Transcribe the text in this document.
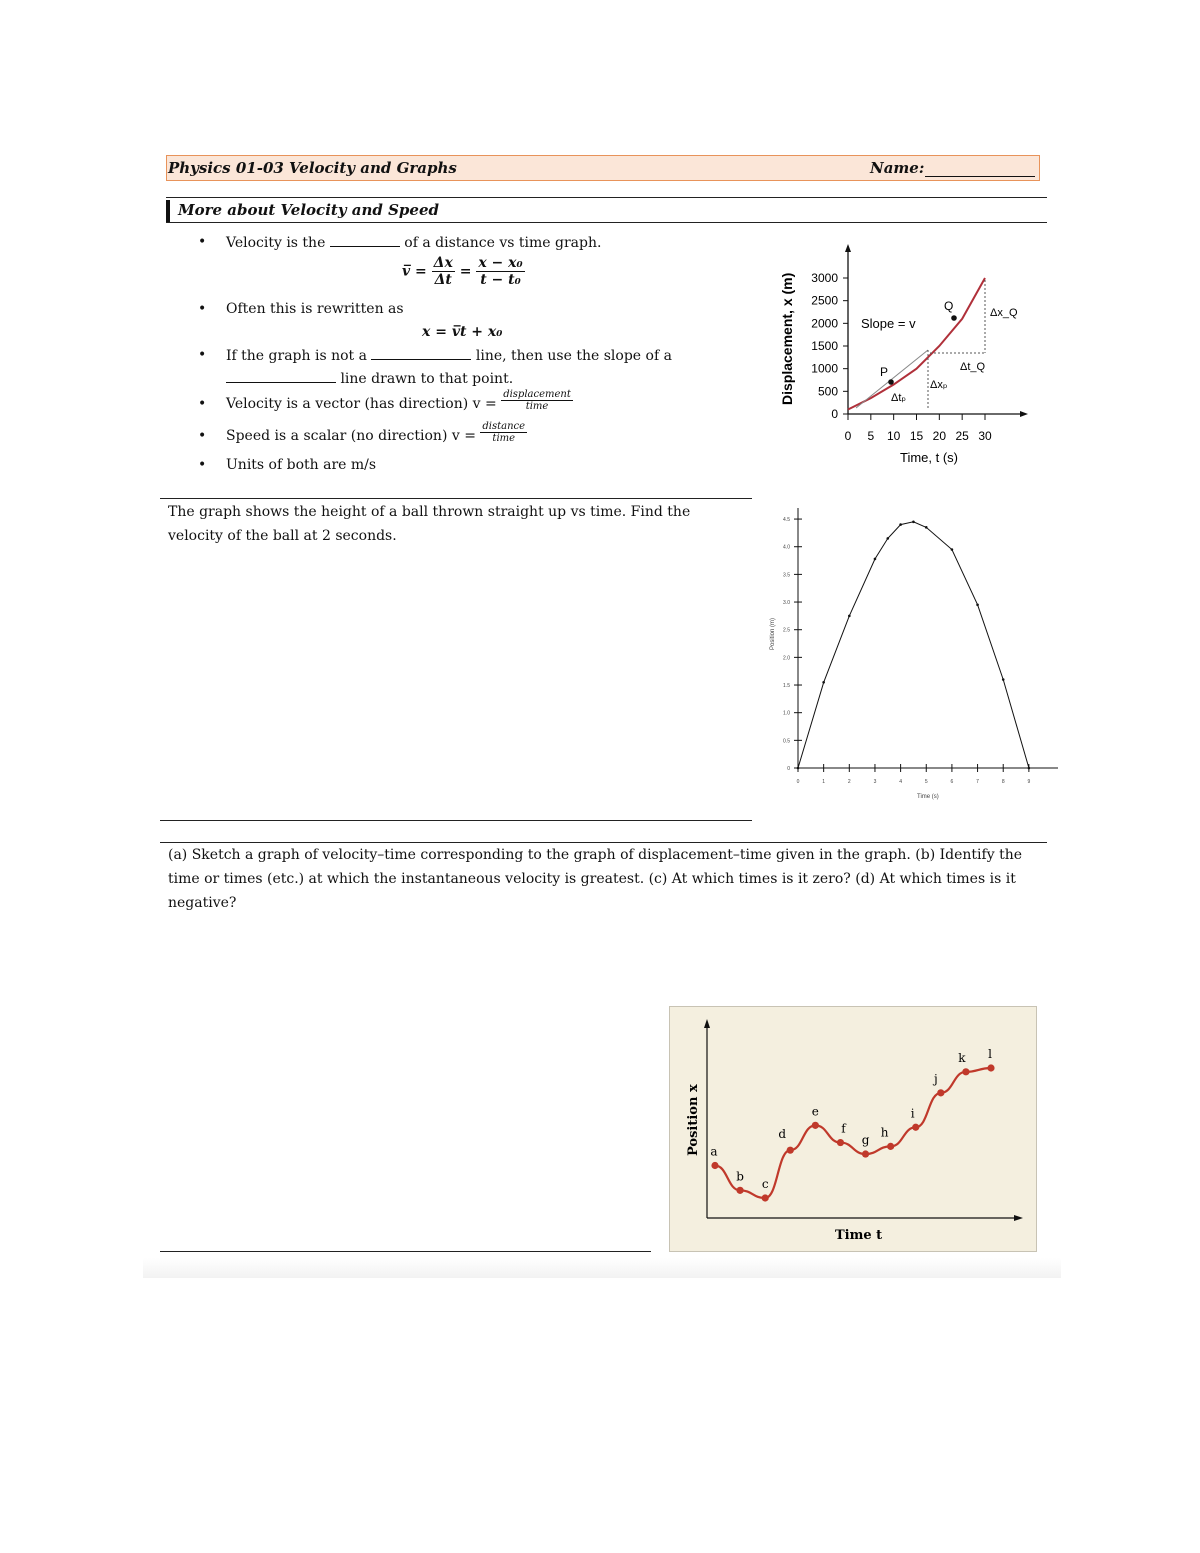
Physics 01-03 Velocity and Graphs	Name:
More about Velocity and Speed
• Velocity is the	of a distance vs time graph.
v̅ = $\frac{\Delta x}{\Delta t} = \frac{\text{x − x₀}}{\text{t − t₀}}$
• Often this is rewritten as
x = v̅t + x₀
• If the graph is not a	line, then use the slope of a
line drawn to that point.
• Velocity is a vector (has direction) $v = \frac{\text{displacement}}{\text{time}}$
• Speed is a scalar (no direction) $v = \frac{\text{distance}}{\text{time}}$
• Units of both are m/s
Displacement, x (m)
0
500
1000
1500
2000
2500
3000
0 5 10 15 20 25 30
P
Q
Slope = v
Δtₚ
Δxₚ
Δt_Q
Δx_Q
Time, t (s)
The graph shows the height of a ball thrown straight up vs time. Find the velocity of the ball at 2 seconds.
Position (m)
0
0.5
1.0
1.5
2.0
2.5
3.0
3.5
4.0
4.5
0	1	2	3	4	5	6	7	8	9
Time (s)
(a) Sketch a graph of velocity–time corresponding to the graph of displacement–time given in the graph. (b) Identify the time or times (etc.) at which the instantaneous velocity is greatest. (c) At which times is it zero? (d) At which times is it negative?
Position x
Time t
a
b
c
d
e
f
g
h
i
j
k l
